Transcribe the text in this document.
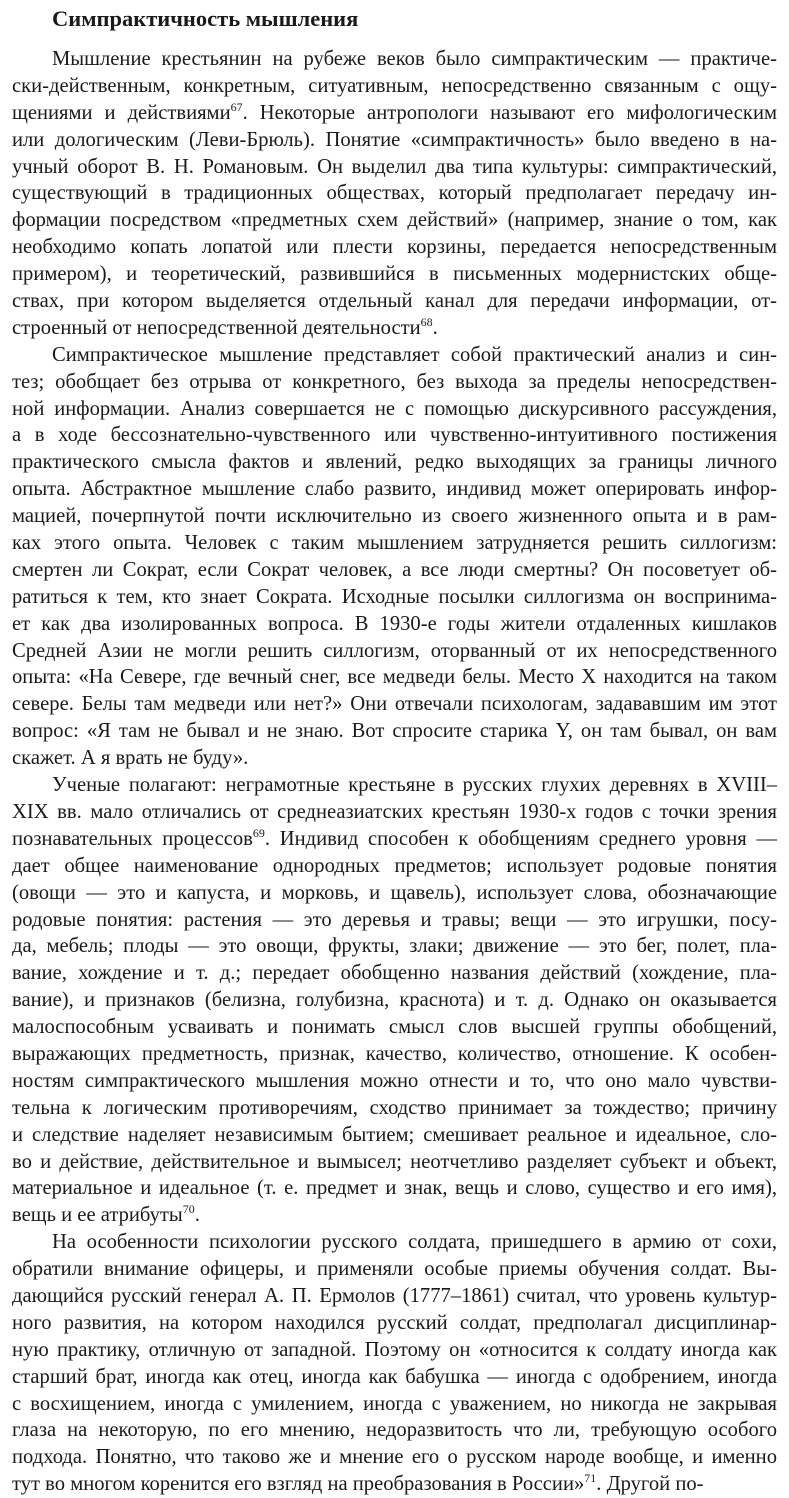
Симпрактичность мышления
Мышление крестьянин на рубеже веков было симпрактическим — практиче-
ски-действенным, конкретным, ситуативным, непосредственно связанным с ощу-
щениями и действиями$^{67}$. Некоторые антропологи называют его мифологическим
или дологическим (Леви-Брюль). Понятие «симпрактичность» было введено в на-
учный оборот В. Н. Романовым. Он выделил два типа культуры: симпрактический,
существующий в традиционных обществах, который предполагает передачу ин-
формации посредством «предметных схем действий» (например, знание о том, как
необходимо копать лопатой или плести корзины, передается непосредственным
примером), и теоретический, развившийся в письменных модернистских обще-
ствах, при котором выделяется отдельный канал для передачи информации, от-
строенный от непосредственной деятельности$^{68}$.
Симпрактическое мышление представляет собой практический анализ и син-
тез; обобщает без отрыва от конкретного, без выхода за пределы непосредствен-
ной информации. Анализ совершается не с помощью дискурсивного рассуждения,
а в ходе бессознательно-чувственного или чувственно-интуитивного постижения
практического смысла фактов и явлений, редко выходящих за границы личного
опыта. Абстрактное мышление слабо развито, индивид может оперировать инфор-
мацией, почерпнутой почти исключительно из своего жизненного опыта и в рам-
ках этого опыта. Человек с таким мышлением затрудняется решить силлогизм:
смертен ли Сократ, если Сократ человек, а все люди смертны? Он посоветует об-
ратиться к тем, кто знает Сократа. Исходные посылки силлогизма он воспринима-
ет как два изолированных вопроса. В 1930-е годы жители отдаленных кишлаков
Средней Азии не могли решить силлогизм, оторванный от их непосредственного
опыта: «На Севере, где вечный снег, все медведи белы. Место Х находится на таком
севере. Белы там медведи или нет?» Они отвечали психологам, задававшим им этот
вопрос: «Я там не бывал и не знаю. Вот спросите старика Y, он там бывал, он вам
скажет. А я врать не буду».
Ученые полагают: неграмотные крестьяне в русских глухих деревнях в XVIII–
XIX вв. мало отличались от среднеазиатских крестьян 1930-х годов с точки зрения
познавательных процессов$^{69}$. Индивид способен к обобщениям среднего уровня —
дает общее наименование однородных предметов; использует родовые понятия
(овощи — это и капуста, и морковь, и щавель), использует слова, обозначающие
родовые понятия: растения — это деревья и травы; вещи — это игрушки, посу-
да, мебель; плоды — это овощи, фрукты, злаки; движение — это бег, полет, пла-
вание, хождение и т. д.; передает обобщенно названия действий (хождение, пла-
вание), и признаков (белизна, голубизна, краснота) и т. д. Однако он оказывается
малоспособным усваивать и понимать смысл слов высшей группы обобщений,
выражающих предметность, признак, качество, количество, отношение. К особен-
ностям симпрактического мышления можно отнести и то, что оно мало чувстви-
тельна к логическим противоречиям, сходство принимает за тождество; причину
и следствие наделяет независимым бытием; смешивает реальное и идеальное, сло-
во и действие, действительное и вымысел; неотчетливо разделяет субъект и объект,
материальное и идеальное (т. е. предмет и знак, вещь и слово, существо и его имя),
вещь и ее атрибуты$^{70}$.
На особенности психологии русского солдата, пришедшего в армию от сохи,
обратили внимание офицеры, и применяли особые приемы обучения солдат. Вы-
дающийся русский генерал А. П. Ермолов (1777–1861) считал, что уровень культур-
ного развития, на котором находился русский солдат, предполагал дисциплинар-
ную практику, отличную от западной. Поэтому он «относится к солдату иногда как
старший брат, иногда как отец, иногда как бабушка — иногда с одобрением, иногда
с восхищением, иногда с умилением, иногда с уважением, но никогда не закрывая
глаза на некоторую, по его мнению, недоразвитость что ли, требующую особого
подхода. Понятно, что таково же и мнение его о русском народе вообще, и именно
тут во многом коренится его взгляд на преобразования в России»$^{71}$. Другой по-
